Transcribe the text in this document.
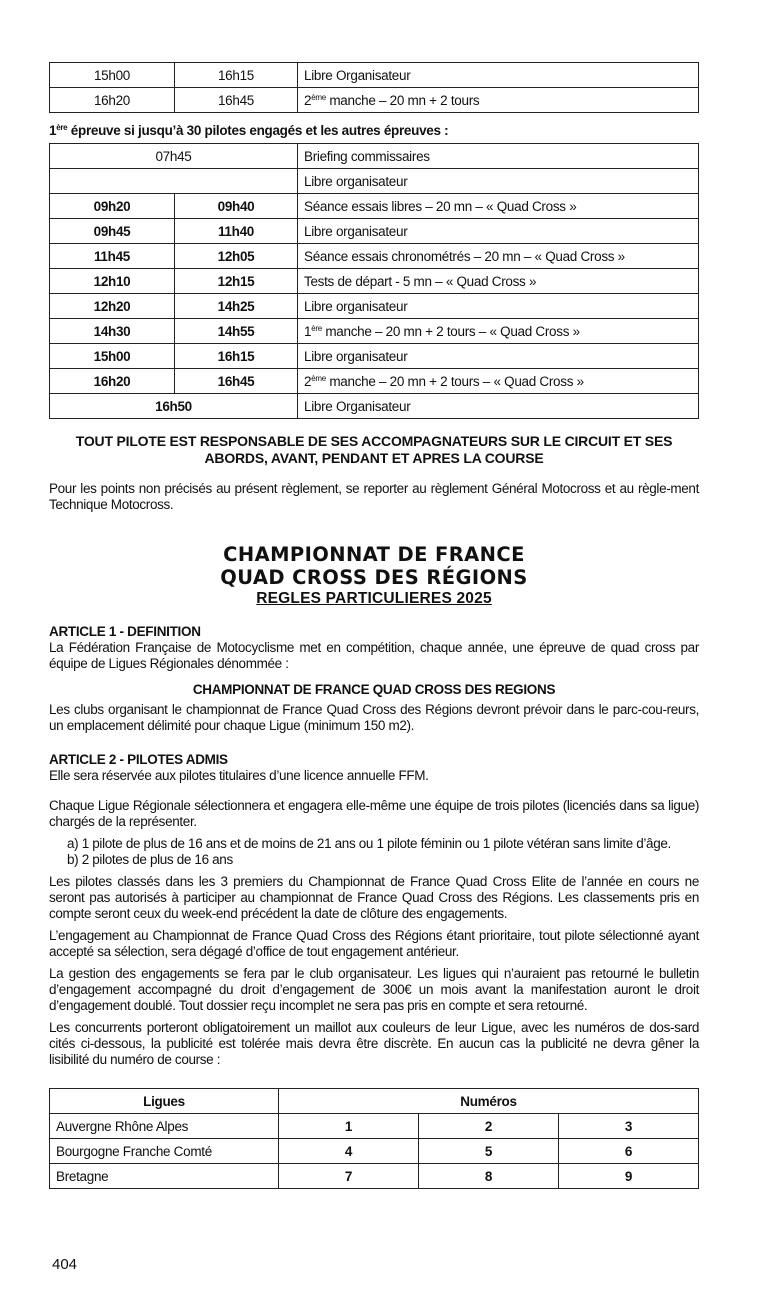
15h00	16h15	Libre Organisateur
16h20	16h45	2ème manche – 20 mn + 2 tours
1ère épreuve si jusqu’à 30 pilotes engagés et les autres épreuves :
07h45		Briefing commissaires
		Libre organisateur
09h20	09h40	Séance essais libres – 20 mn – « Quad Cross »
09h45	11h40	Libre organisateur
11h45	12h05	Séance essais chronométrés – 20 mn – « Quad Cross »
12h10	12h15	Tests de départ - 5 mn – « Quad Cross »
12h20	14h25	Libre organisateur
14h30	14h55	1ère manche – 20 mn + 2 tours – « Quad Cross »
15h00	16h15	Libre organisateur
16h20	16h45	2ème manche – 20 mn + 2 tours – « Quad Cross »
16h50		Libre Organisateur
TOUT PILOTE EST RESPONSABLE DE SES ACCOMPAGNATEURS SUR LE CIRCUIT ET SES ABORDS, AVANT, PENDANT ET APRES LA COURSE

Pour les points non précisés au présent règlement, se reporter au règlement Général Motocross et au règle-ment Technique Motocross.

CHAMPIONNAT DE FRANCE
QUAD CROSS DES RÉGIONS
REGLES PARTICULIERES 2025
ARTICLE 1 - DEFINITION

La Fédération Française de Motocyclisme met en compétition, chaque année, une épreuve de quad cross par équipe de Ligues Régionales dénommée :

CHAMPIONNAT DE FRANCE QUAD CROSS DES REGIONS

Les clubs organisant le championnat de France Quad Cross des Régions devront prévoir dans le parc-cou-reurs, un emplacement délimité pour chaque Ligue (minimum 150 m2).

ARTICLE 2 - PILOTES ADMIS

Elle sera réservée aux pilotes titulaires d’une licence annuelle FFM.

Chaque Ligue Régionale sélectionnera et engagera elle-même une équipe de trois pilotes (licenciés dans sa ligue) chargés de la représenter.

a) 1 pilote de plus de 16 ans et de moins de 21 ans ou 1 pilote féminin ou 1 pilote vétéran sans limite d’âge.

b) 2 pilotes de plus de 16 ans

Les pilotes classés dans les 3 premiers du Championnat de France Quad Cross Elite de l’année en cours ne seront pas autorisés à participer au championnat de France Quad Cross des Régions. Les classements pris en compte seront ceux du week-end précédent la date de clôture des engagements.

L’engagement au Championnat de France Quad Cross des Régions étant prioritaire, tout pilote sélectionné ayant accepté sa sélection, sera dégagé d’office de tout engagement antérieur.

La gestion des engagements se fera par le club organisateur. Les ligues qui n’auraient pas retourné le bulletin d’engagement accompagné du droit d’engagement de 300€ un mois avant la manifestation auront le droit d’engagement doublé. Tout dossier reçu incomplet ne sera pas pris en compte et sera retourné.

Les concurrents porteront obligatoirement un maillot aux couleurs de leur Ligue, avec les numéros de dos-sard cités ci-dessous, la publicité est tolérée mais devra être discrète. En aucun cas la publicité ne devra gêner la lisibilité du numéro de course :

Ligues	Numéros		
Auvergne Rhône Alpes	1	2	3
Bourgogne Franche Comté	4	5	6
Bretagne	7	8	9
404
